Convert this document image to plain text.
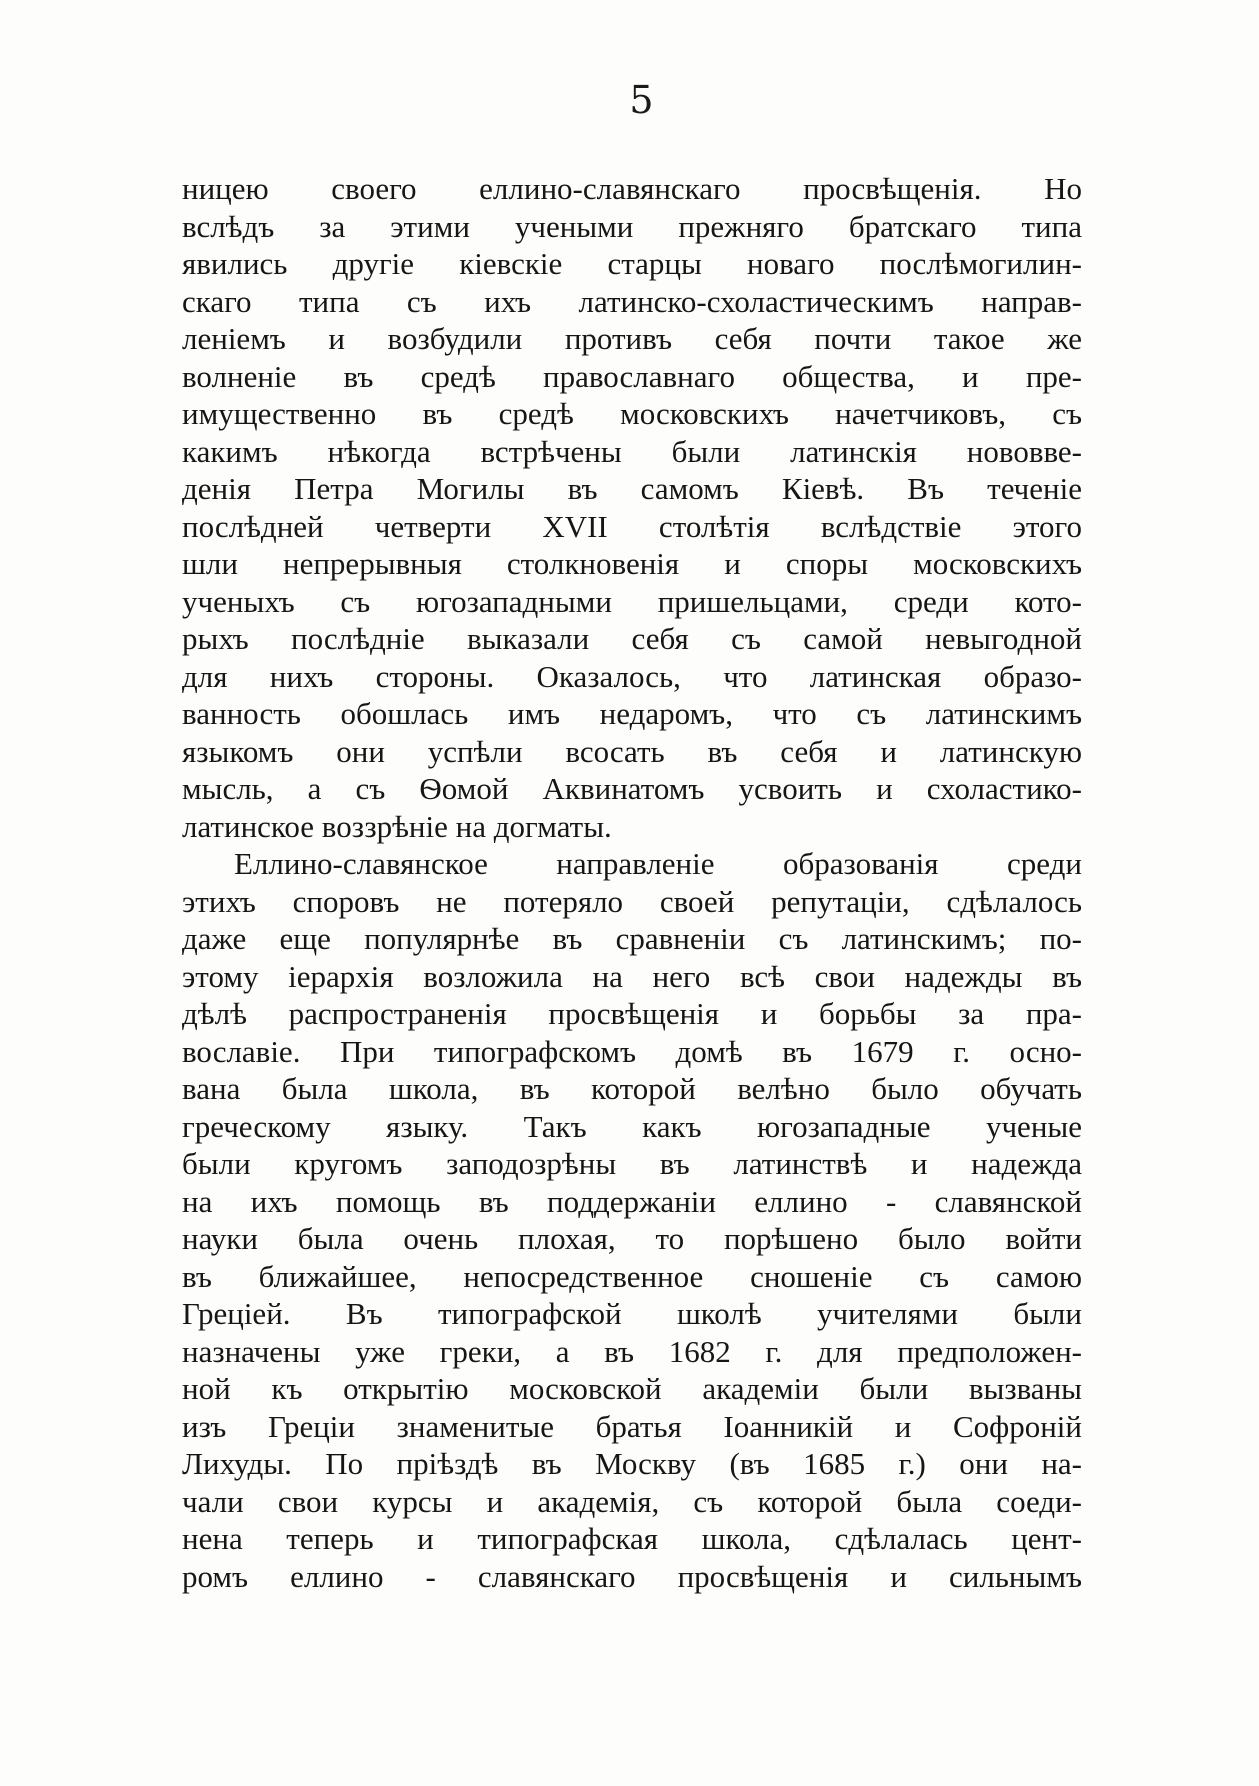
5
ницею своего еллино-славянскаго просвѣщенія. Но
вслѣдъ за этими учеными прежняго братскаго типа
явились другіе кіевскіе старцы новаго послѣмогилин-
скаго типа съ ихъ латинско-схоластическимъ направ-
леніемъ и возбудили противъ себя почти такое же
волненіе въ средѣ православнаго общества, и пре-
имущественно въ средѣ московскихъ начетчиковъ, съ
какимъ нѣкогда встрѣчены были латинскія нововве-
денія Петра Могилы въ самомъ Кіевѣ. Въ теченіе
послѣдней четверти XVII столѣтія вслѣдствіе этого
шли непрерывныя столкновенія и споры московскихъ
ученыхъ съ югозападными пришельцами, среди кото-
рыхъ послѣдніе выказали себя съ самой невыгодной
для нихъ стороны. Оказалось, что латинская образо-
ванность обошлась имъ недаромъ, что съ латинскимъ
языкомъ они успѣли всосать въ себя и латинскую
мысль, а съ Ѳомой Аквинатомъ усвоить и схоластико-
латинское воззрѣніе на догматы.
Еллино-славянское направленіе образованія среди
этихъ споровъ не потеряло своей репутаціи, сдѣлалось
даже еще популярнѣе въ сравненіи съ латинскимъ; по-
этому іерархія возложила на него всѣ свои надежды въ
дѣлѣ распространенія просвѣщенія и борьбы за пра-
вославіе. При типографскомъ домѣ въ 1679 г. осно-
вана была школа, въ которой велѣно было обучать
греческому языку. Такъ какъ югозападные ученые
были кругомъ заподозрѣны въ латинствѣ и надежда
на ихъ помощь въ поддержаніи еллино - славянской
науки была очень плохая, то порѣшено было войти
въ ближайшее, непосредственное сношеніе съ самою
Греціей. Въ типографской школѣ учителями были
назначены уже греки, а въ 1682 г. для предположен-
ной къ открытію московской академіи были вызваны
изъ Греціи знаменитые братья Іоанникій и Софроній
Лихуды. По пріѣздѣ въ Москву (въ 1685 г.) они на-
чали свои курсы и академія, съ которой была соеди-
нена теперь и типографская школа, сдѣлалась цент-
ромъ еллино - славянскаго просвѣщенія и сильнымъ
